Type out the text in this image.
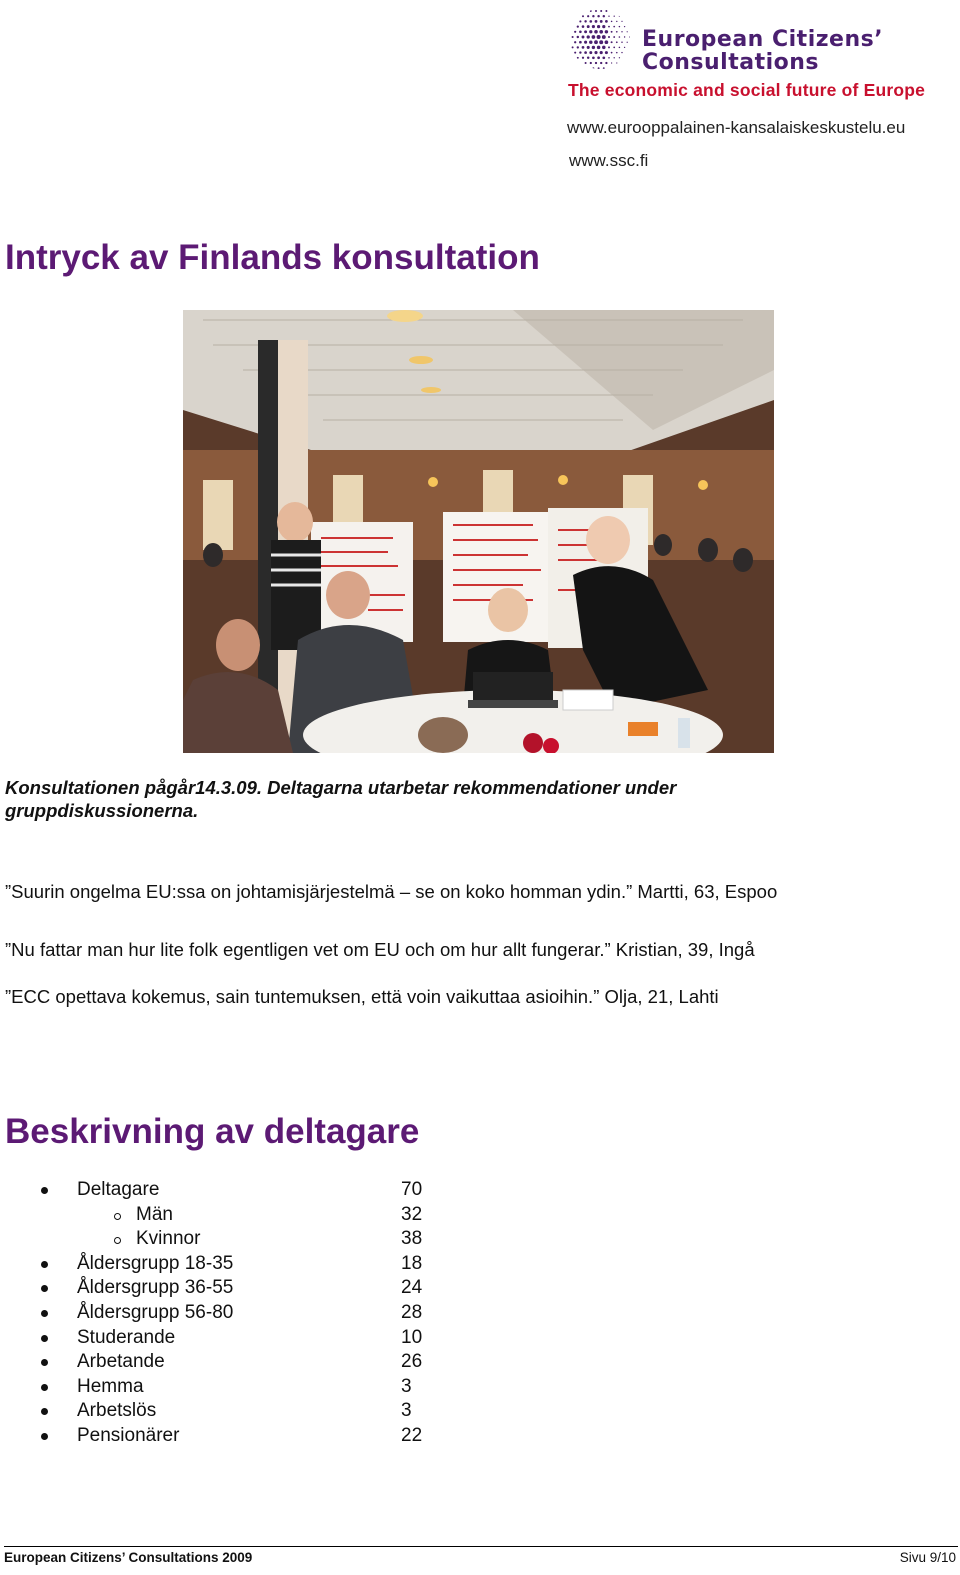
European Citizens’
Consultations
The economic and social future of Europe
www.eurooppalainen-kansalaiskeskustelu.eu
www.ssc.fi
Intryck av Finlands konsultation
Konsultationen pågår14.3.09. Deltagarna utarbetar rekommendationer under gruppdiskussionerna.
”Suurin ongelma EU:ssa on johtamisjärjestelmä – se on koko homman ydin.” Martti, 63, Espoo
”Nu fattar man hur lite folk egentligen vet om EU och om hur allt fungerar.” Kristian, 39, Ingå
”ECC opettava kokemus, sain tuntemuksen, että voin vaikuttaa asioihin.” Olja, 21, Lahti
Beskrivning av deltagare
Deltagare	70
Män	32
Kvinnor	38
Åldersgrupp 18-35	18
Åldersgrupp 36-55	24
Åldersgrupp 56-80	28
Studerande	10
Arbetande	26
Hemma	3
Arbetslös	3
Pensionärer	22
European Citizens’ Consultations 2009	Sivu 9/10
